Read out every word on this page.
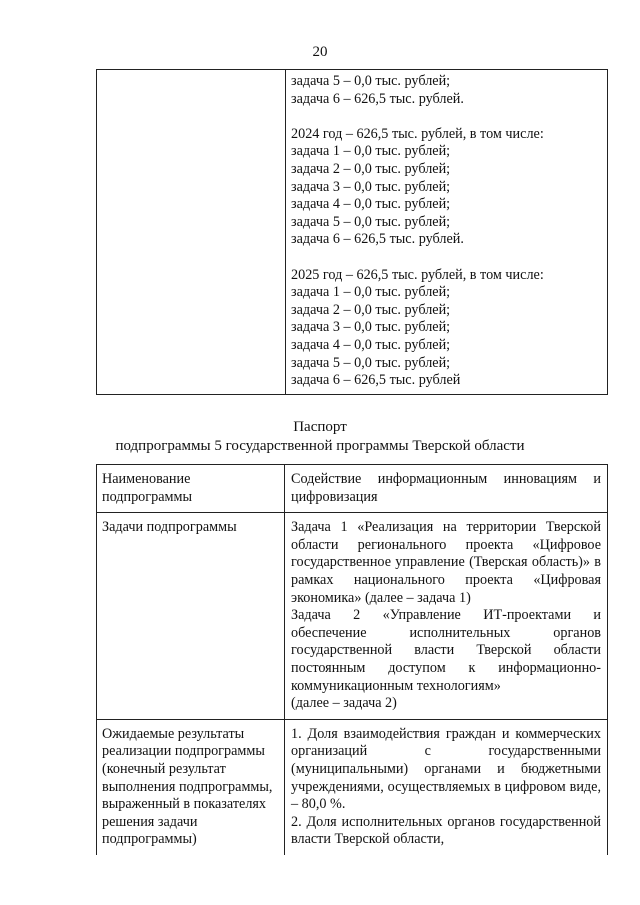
20

задача 5 – 0,0 тыс. рублей;
задача 6 – 626,5 тыс. рублей.
2024 год – 626,5 тыс. рублей, в том числе:
задача 1 – 0,0 тыс. рублей;
задача 2 – 0,0 тыс. рублей;
задача 3 – 0,0 тыс. рублей;
задача 4 – 0,0 тыс. рублей;
задача 5 – 0,0 тыс. рублей;
задача 6 – 626,5 тыс. рублей.
2025 год – 626,5 тыс. рублей, в том числе:
задача 1 – 0,0 тыс. рублей;
задача 2 – 0,0 тыс. рублей;
задача 3 – 0,0 тыс. рублей;
задача 4 – 0,0 тыс. рублей;
задача 5 – 0,0 тыс. рублей;
задача 6 – 626,5 тыс. рублей
Паспорт
подпрограммы 5 государственной программы Тверской области
Наименование подпрограммы	Содействие информационным инновациям и цифровизация
Задачи подпрограммы	Задача 1 «Реализация на территории Тверской области регионального проекта «Цифровое государственное управление (Тверская область)» в рамках национального проекта «Цифровая экономика» (далее – задача 1)
Задача 2 «Управление ИТ-проектами и обеспечение исполнительных органов государственной власти Тверской области постоянным доступом к информационно-коммуникационным технологиям»
(далее – задача 2)

Ожидаемые результаты реализации подпрограммы (конечный результат выполнения подпрограммы, выраженный в показателях решения задачи подпрограммы)	1. Доля взаимодействия граждан и коммерческих организаций с государственными (муниципальными) органами и бюджетными учреждениями, осуществляемых в цифровом виде, – 80,0 %.
2. Доля исполнительных органов государственной власти Тверской области,
